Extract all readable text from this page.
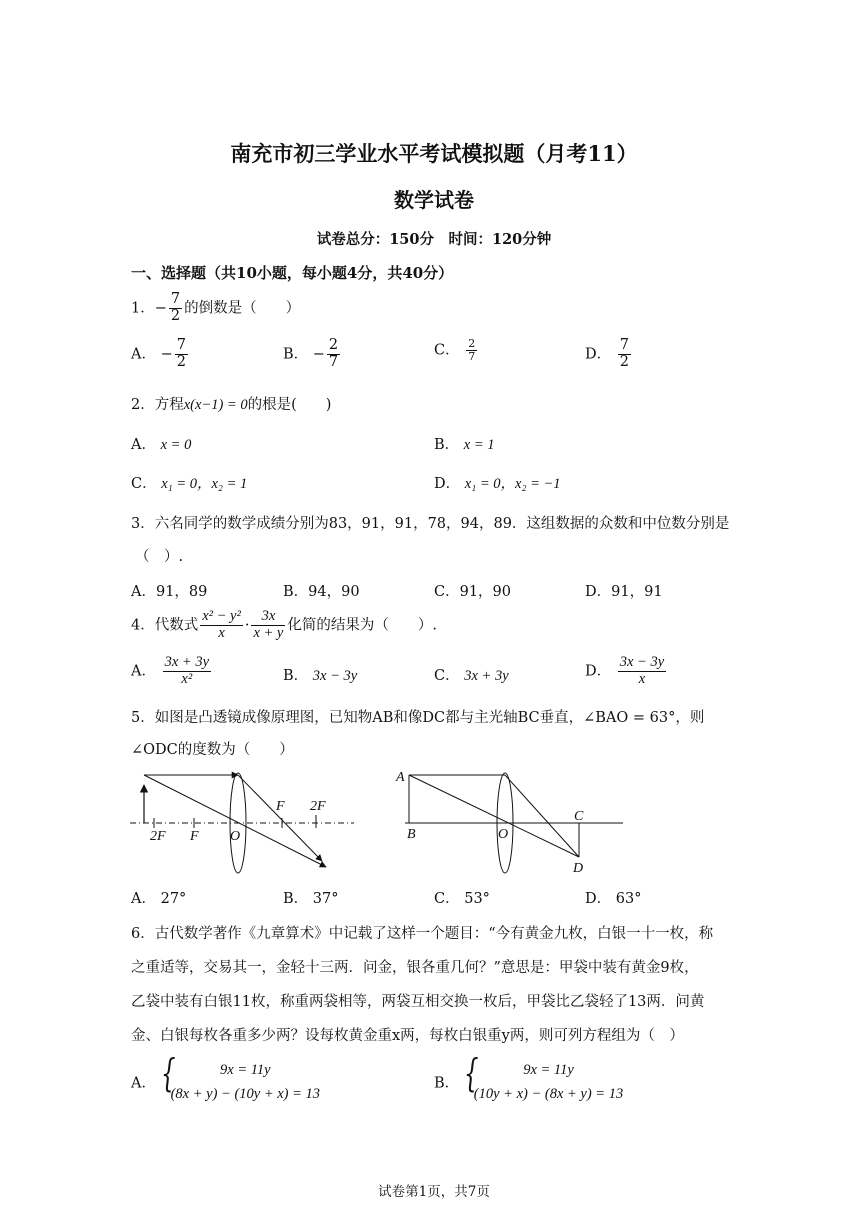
南充市初三学业水平考试模拟题（月考11）
数学试卷
试卷总分：150分　时间：120分钟
一、选择题（共10小题，每小题4分，共40分）
1．− $\frac{7}{2}$ 的倒数是（　　）
A． − $\frac{7}{2}$	B． − $\frac{2}{7}$	C． $\frac{2}{7}$	D． $\frac{7}{2}$
2．方程x(x−1) = 0的根是(　　)
A． x = 0	B． x = 1
C． x₁ = 0，x₂ = 1	D． x₁ = 0，x₂ = −1
3．六名同学的数学成绩分别为83，91，91，78，94，89．这组数据的众数和中位数分别是
（　）.
A．91，89	B．94，90	C．91，90	D．91，91
4．代数式 $\frac{\text{x² − y²}}{x} \cdot \frac{3x}{x + y}$ 化简的结果为（　　）.
A． $\frac{3x + 3y}{\text{x²}}$	B． 3x − 3y	C． 3x + 3y	D． $\frac{3x - 3y}{x}$
5．如图是凸透镜成像原理图，已知物AB和像DC都与主光轴BC垂直，∠BAO = 63°，则
∠ODC的度数为（　　）
2F F O
F 2F
A
B	O
C
D
A． 27°	B． 37°	C． 53°	D． 63°
6．古代数学著作《九章算术》中记载了这样一个题目：“今有黄金九枚，白银一十一枚，称
之重适等，交易其一，金轻十三两．问金，银各重几何？”意思是：甲袋中装有黄金9枚，
乙袋中装有白银11枚，称重两袋相等，两袋互相交换一枚后，甲袋比乙袋轻了13两．问黄
金、白银每枚各重多少两？设每枚黄金重x两，每枚白银重y两，则可列方程组为（　）
A． {	9x = 11y
(8x + y) − (10y + x) = 13
B． {	9x = 11y
(10y + x) − (8x + y) = 13
试卷第1页，共7页
